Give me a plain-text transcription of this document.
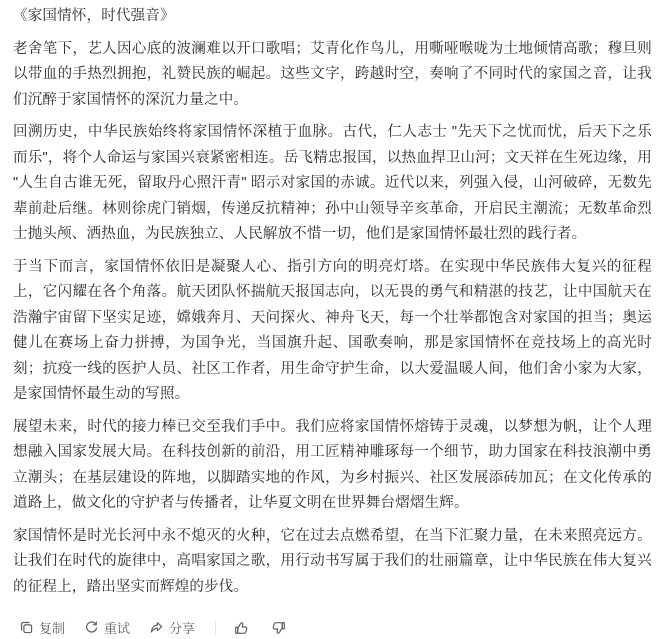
《家国情怀，时代强音》

老舍笔下，艺人因心底的波澜难以开口歌唱；艾青化作鸟儿，用嘶哑喉咙为土地倾情高歌；穆旦则以带血的手热烈拥抱，礼赞民族的崛起。这些文字，跨越时空，奏响了不同时代的家国之音，让我们沉醉于家国情怀的深沉力量之中。

回溯历史，中华民族始终将家国情怀深植于血脉。古代，仁人志士 "先天下之忧而忧，后天下之乐而乐"，将个人命运与家国兴衰紧密相连。岳飞精忠报国，以热血捍卫山河；文天祥在生死边缘，用 "人生自古谁无死，留取丹心照汗青" 昭示对家国的赤诚。近代以来，列强入侵，山河破碎，无数先辈前赴后继。林则徐虎门销烟，传递反抗精神；孙中山领导辛亥革命，开启民主潮流；无数革命烈士抛头颅、洒热血，为民族独立、人民解放不惜一切，他们是家国情怀最壮烈的践行者。

于当下而言，家国情怀依旧是凝聚人心、指引方向的明亮灯塔。在实现中华民族伟大复兴的征程上，它闪耀在各个角落。航天团队怀揣航天报国志向，以无畏的勇气和精湛的技艺，让中国航天在浩瀚宇宙留下坚实足迹，嫦娥奔月、天问探火、神舟飞天，每一个壮举都饱含对家国的担当；奥运健儿在赛场上奋力拼搏，为国争光，当国旗升起、国歌奏响，那是家国情怀在竞技场上的高光时刻；抗疫一线的医护人员、社区工作者，用生命守护生命，以大爱温暖人间，他们舍小家为大家，是家国情怀最生动的写照。

展望未来，时代的接力棒已交至我们手中。我们应将家国情怀熔铸于灵魂，以梦想为帆，让个人理想融入国家发展大局。在科技创新的前沿，用工匠精神雕琢每一个细节，助力国家在科技浪潮中勇立潮头；在基层建设的阵地，以脚踏实地的作风，为乡村振兴、社区发展添砖加瓦；在文化传承的道路上，做文化的守护者与传播者，让华夏文明在世界舞台熠熠生辉。

家国情怀是时光长河中永不熄灭的火种，它在过去点燃希望，在当下汇聚力量，在未来照亮远方。让我们在时代的旋律中，高唱家国之歌，用行动书写属于我们的壮丽篇章，让中华民族在伟大复兴的征程上，踏出坚实而辉煌的步伐。

复制	重试	分享
